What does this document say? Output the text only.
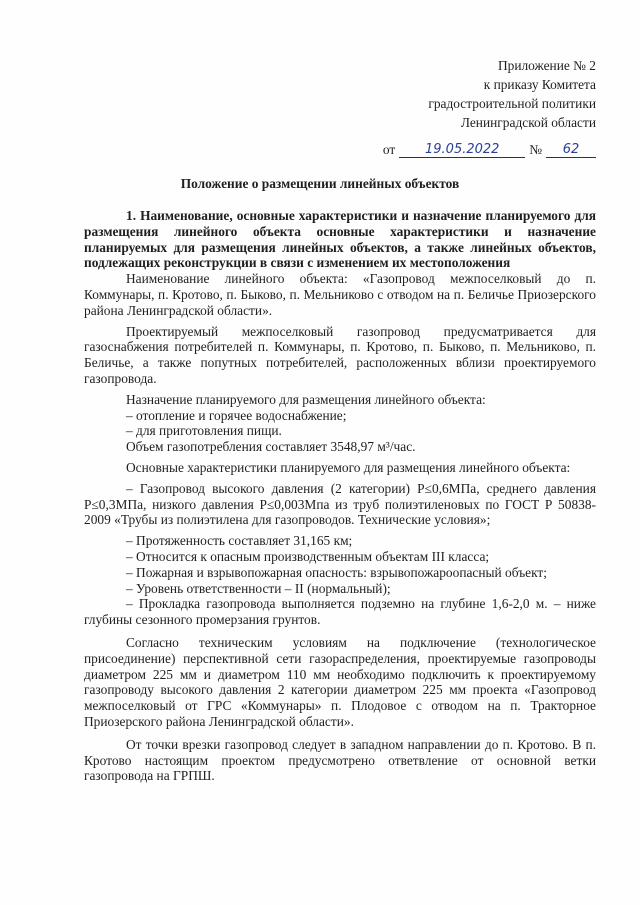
Приложение № 2
к приказу Комитета
градостроительной политики
Ленинградской области
от	19.05.2022	№	62
Положение о размещении линейных объектов

1. Наименование, основные характеристики и назначение планируемого для размещения линейного объекта основные характеристики и назначение планируемых для размещения линейных объектов, а также линейных объектов, подлежащих реконструкции в связи с изменением их местоположения

Наименование линейного объекта: «Газопровод межпоселковый до п. Коммунары, п. Кротово, п. Быково, п. Мельниково с отводом на п. Беличье Приозерского района Ленинградской области».

Проектируемый межпоселковый газопровод предусматривается для газоснабжения потребителей п. Коммунары, п. Кротово, п. Быково, п. Мельниково, п. Беличье, а также попутных потребителей, расположенных вблизи проектируемого газопровода.

Назначение планируемого для размещения линейного объекта:

– отопление и горячее водоснабжение;

– для приготовления пищи.

Объем газопотребления составляет 3548,97 м³/час.

Основные характеристики планируемого для размещения линейного объекта:

– Газопровод высокого давления (2 категории) Р≤0,6МПа, среднего давления Р≤0,3МПа, низкого давления Р≤0,003Мпа из труб полиэтиленовых по ГОСТ Р 50838-2009 «Трубы из полиэтилена для газопроводов. Технические условия»;

– Протяженность составляет 31,165 км;

– Относится к опасным производственным объектам III класса;

– Пожарная и взрывопожарная опасность: взрывопожароопасный объект;

– Уровень ответственности – II (нормальный);

– Прокладка газопровода выполняется подземно на глубине 1,6-2,0 м. – ниже глубины сезонного промерзания грунтов.

Согласно техническим условиям на подключение (технологическое присоединение) перспективной сети газораспределения, проектируемые газопроводы диаметром 225 мм и диаметром 110 мм необходимо подключить к проектируемому газопроводу высокого давления 2 категории диаметром 225 мм проекта «Газопровод межпоселковый от ГРС «Коммунары» п. Плодовое с отводом на п. Тракторное Приозерского района Ленинградской области».

От точки врезки газопровод следует в западном направлении до п. Кротово. В п. Кротово настоящим проектом предусмотрено ответвление от основной ветки газопровода на ГРПШ.
